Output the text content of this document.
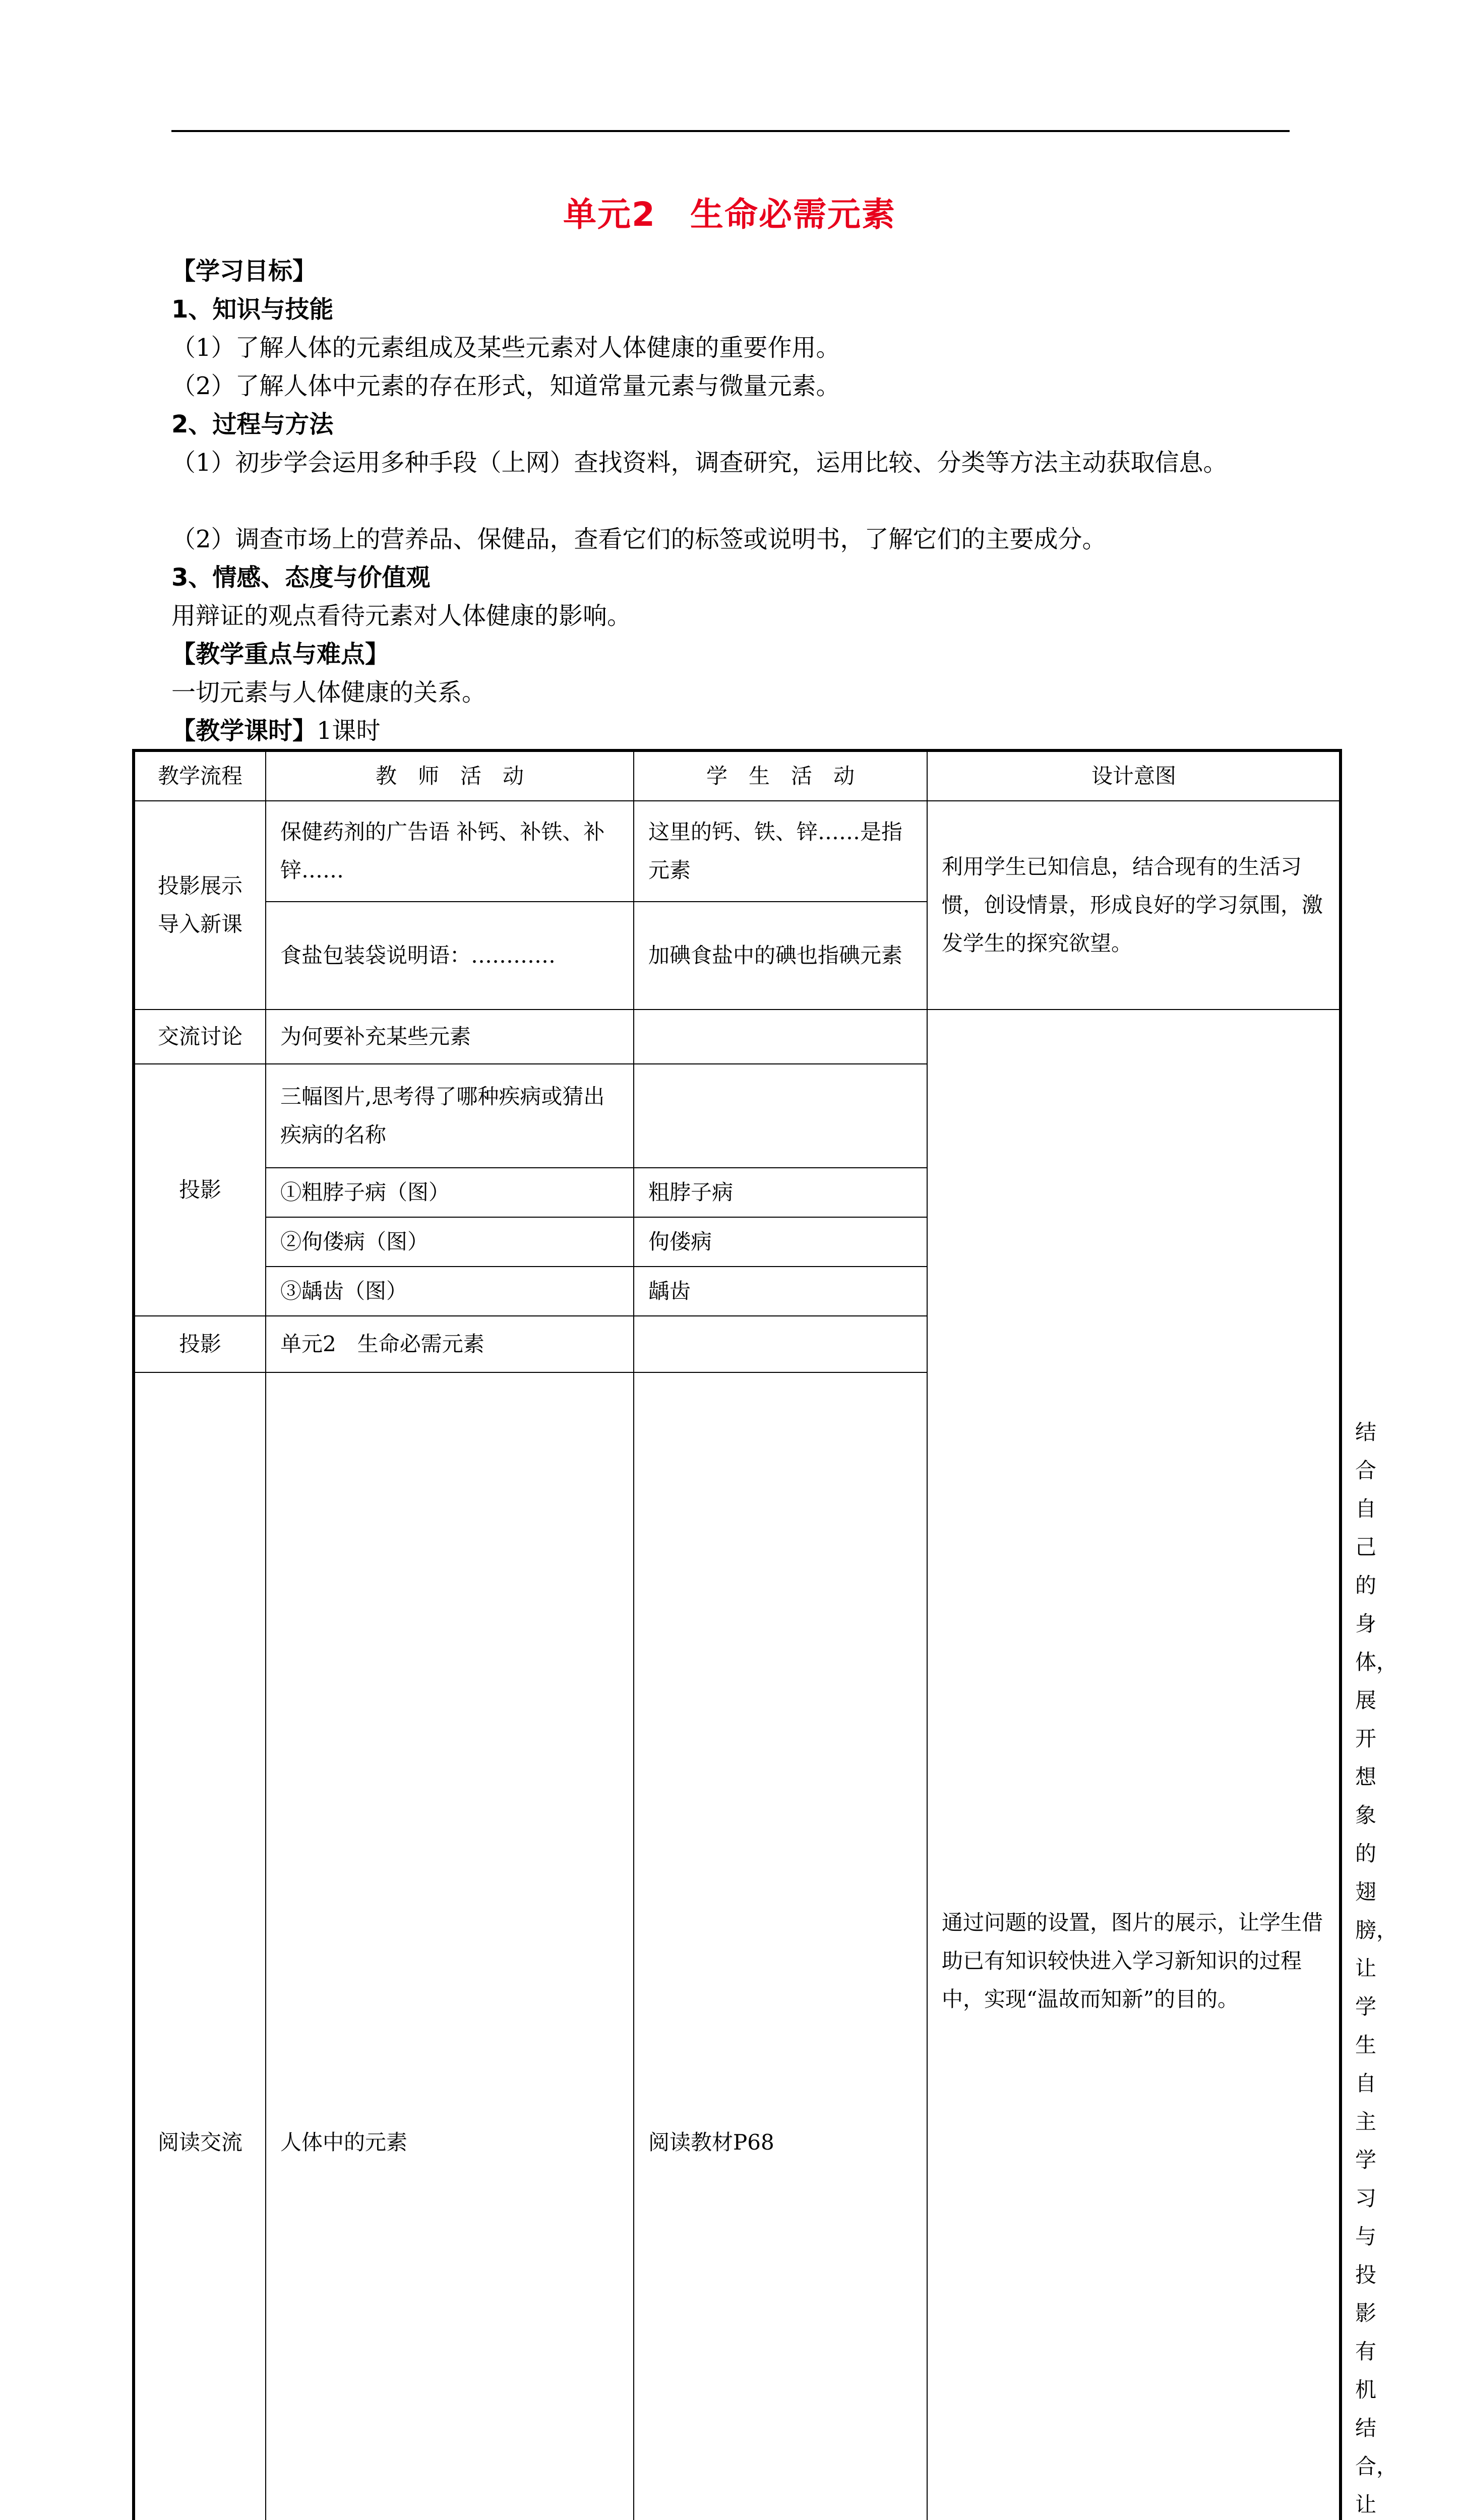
单元2　生命必需元素
【学习目标】
1、知识与技能
（1）了解人体的元素组成及某些元素对人体健康的重要作用。
（2）了解人体中元素的存在形式，知道常量元素与微量元素。
2、过程与方法
（1）初步学会运用多种手段（上网）查找资料，调查研究，运用比较、分类等方法主动获取信息。
（2）调查市场上的营养品、保健品，查看它们的标签或说明书，了解它们的主要成分。
3、情感、态度与价值观
用辩证的观点看待元素对人体健康的影响。
【教学重点与难点】
一切元素与人体健康的关系。
【教学课时】1课时
教学流程	教　师　活　动	学　生　活　动	设计意图	
投影展示
导入新课	保健药剂的广告语 补钙、补铁、补锌……	这里的钙、铁、锌……是指元素	利用学生已知信息，结合现有的生活习惯，创设情景，形成良好的学习氛围，激发学生的探究欲望。	
	食盐包装袋说明语：…………	加碘食盐中的碘也指碘元素		
交流讨论	为何要补充某些元素		通过问题的设置，图片的展示，让学生借助已有知识较快进入学习新知识的过程中，实现“温故而知新”的目的。	
投影	三幅图片,思考得了哪种疾病或猜出疾病的名称			
	①粗脖子病（图）	粗脖子病		
	②佝偻病（图）	佝偻病		
	③龋齿（图）	龋齿		
投影	单元2　生命必需元素			
阅读交流	人体中的元素	阅读教材P68		结合自己的身体，展开想象的翅膀，让学生自主学习与投影有机结合，让
